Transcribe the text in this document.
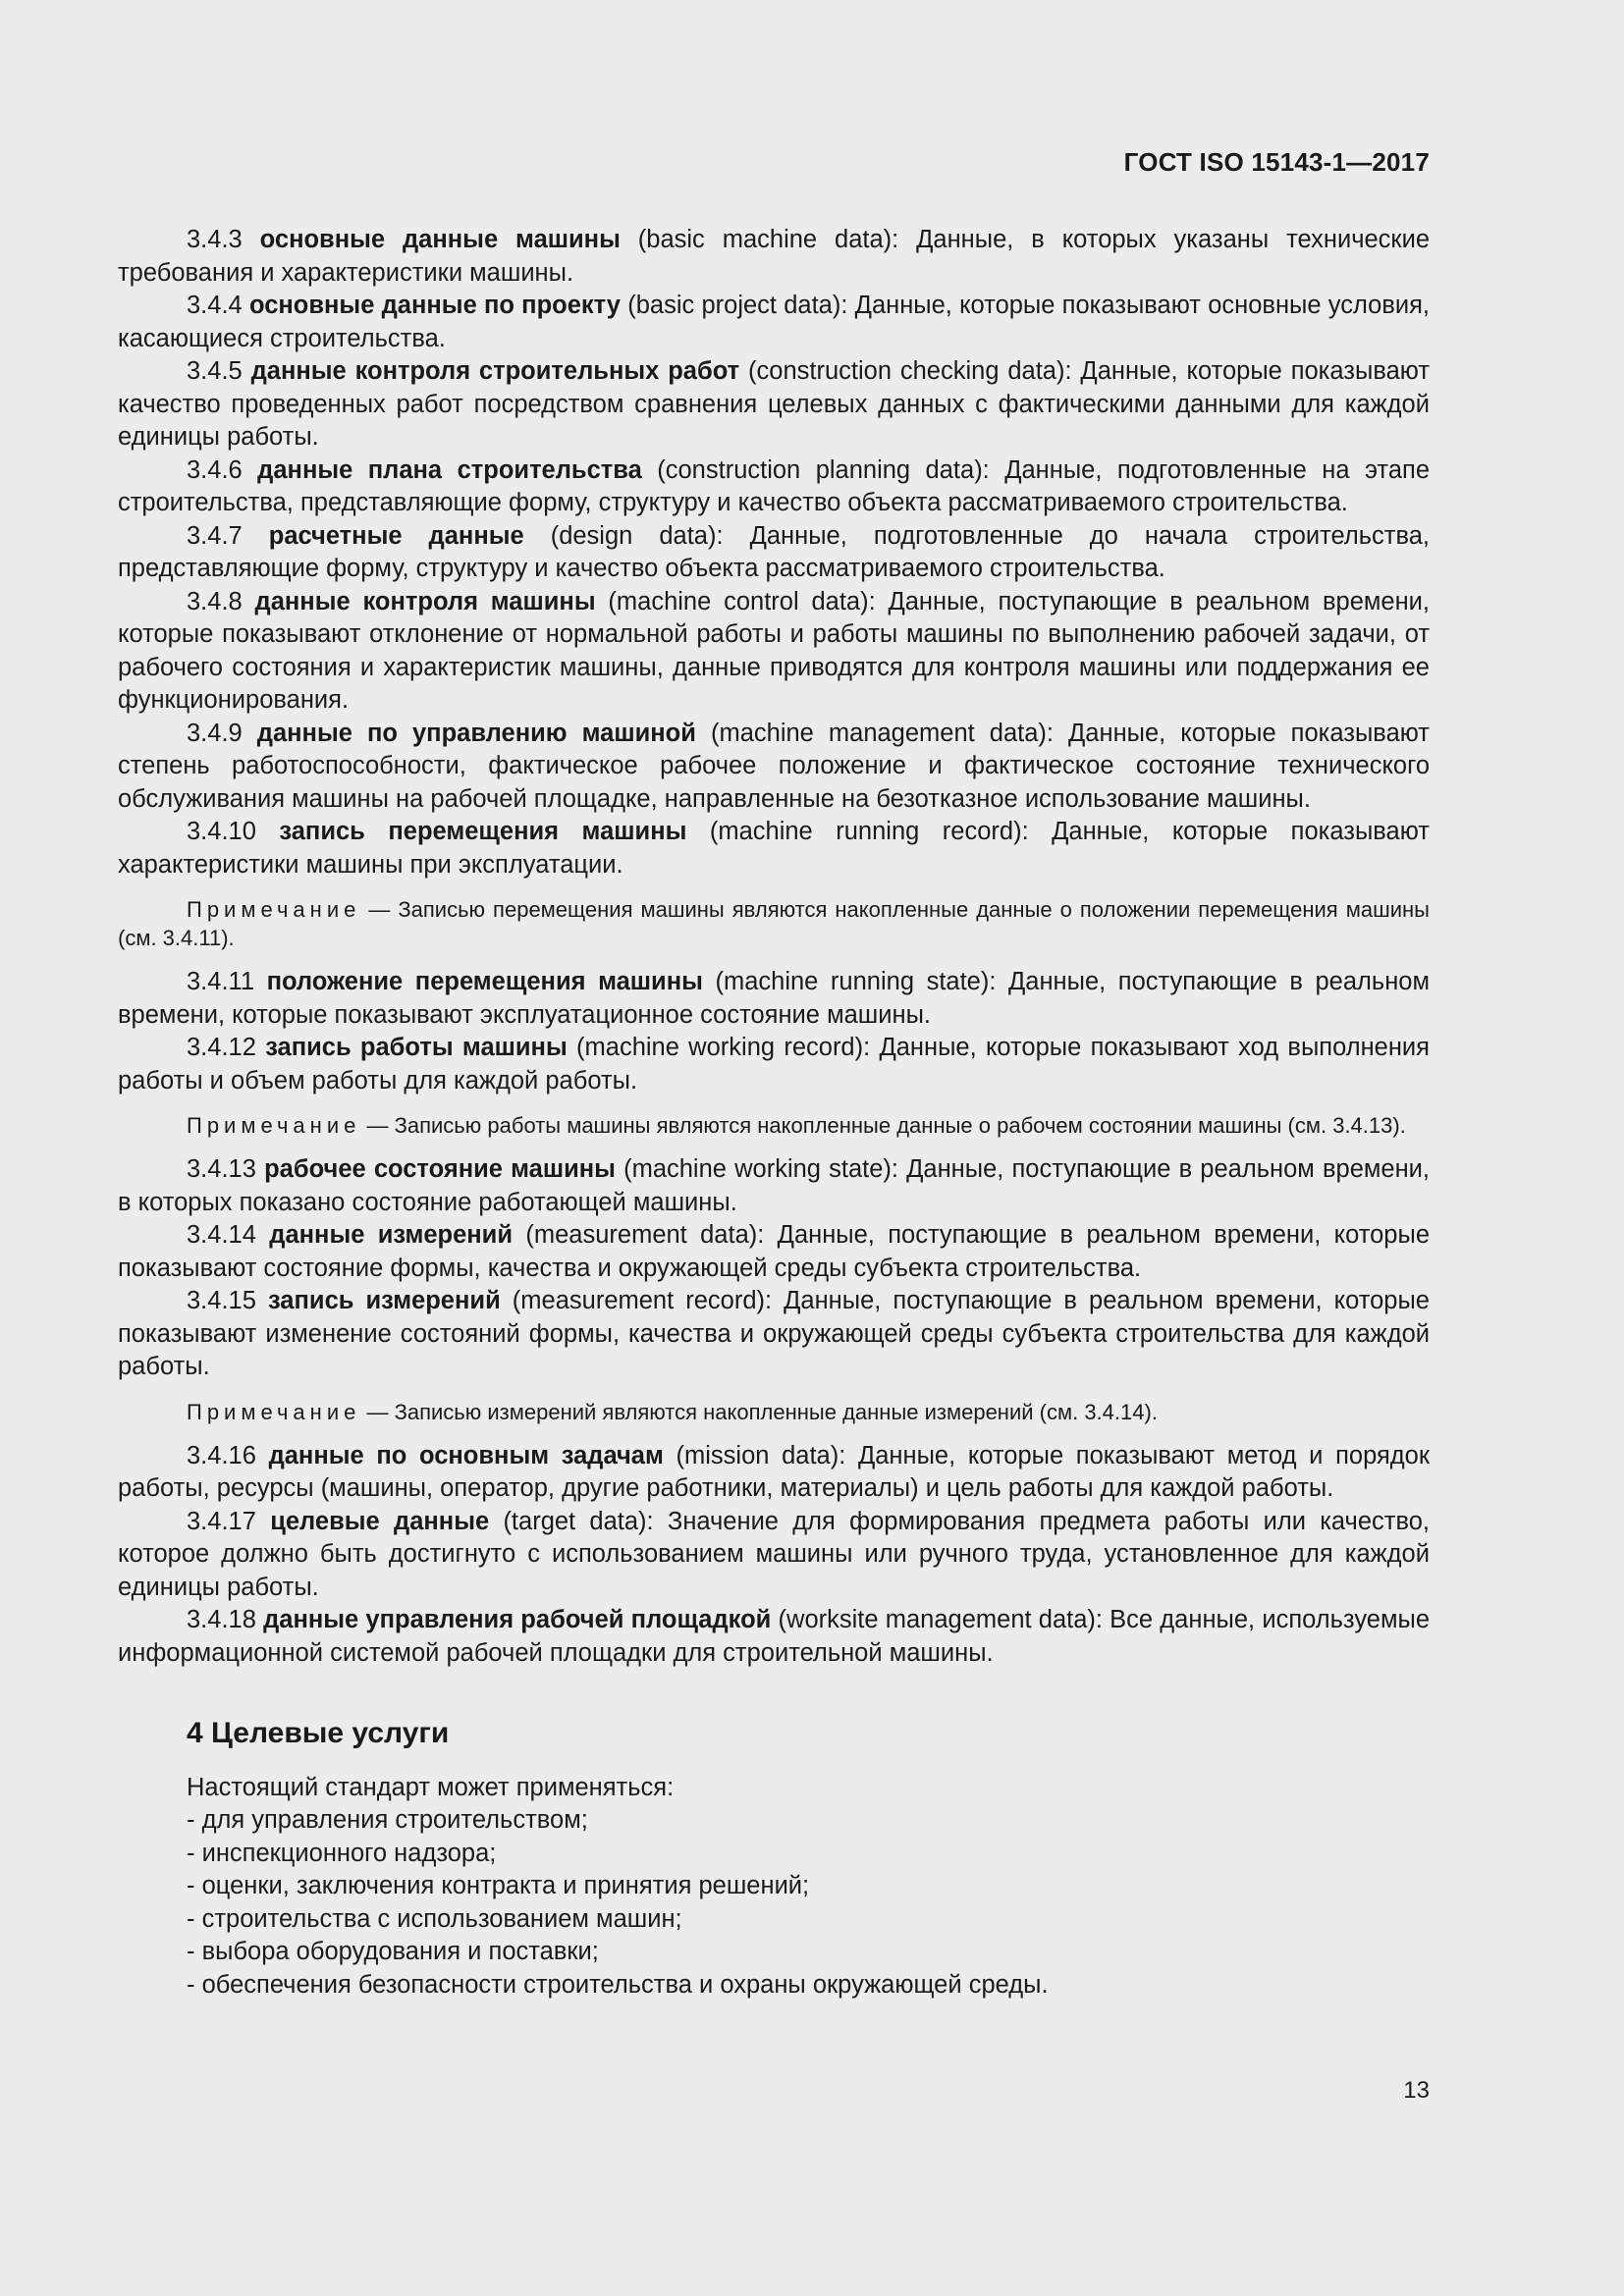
ГОСТ ISO 15143-1—2017

3.4.3 основные данные машины (basic machine data): Данные, в которых указаны технические требования и характеристики машины.

3.4.4 основные данные по проекту (basic project data): Данные, которые показывают основные условия, касающиеся строительства.

3.4.5 данные контроля строительных работ (construction checking data): Данные, которые показывают качество проведенных работ посредством сравнения целевых данных с фактическими данными для каждой единицы работы.

3.4.6 данные плана строительства (construction planning data): Данные, подготовленные на этапе строительства, представляющие форму, структуру и качество объекта рассматриваемого строительства.

3.4.7 расчетные данные (design data): Данные, подготовленные до начала строительства, представляющие форму, структуру и качество объекта рассматриваемого строительства.

3.4.8 данные контроля машины (machine control data): Данные, поступающие в реальном времени, которые показывают отклонение от нормальной работы и работы машины по выполнению рабочей задачи, от рабочего состояния и характеристик машины, данные приводятся для контроля машины или поддержания ее функционирования.

3.4.9 данные по управлению машиной (machine management data): Данные, которые показывают степень работоспособности, фактическое рабочее положение и фактическое состояние технического обслуживания машины на рабочей площадке, направленные на безотказное использование машины.

3.4.10 запись перемещения машины (machine running record): Данные, которые показывают характеристики машины при эксплуатации.

Примечание — Записью перемещения машины являются накопленные данные о положении перемещения машины (см. 3.4.11).

3.4.11 положение перемещения машины (machine running state): Данные, поступающие в реальном времени, которые показывают эксплуатационное состояние машины.

3.4.12 запись работы машины (machine working record): Данные, которые показывают ход выполнения работы и объем работы для каждой работы.

Примечание — Записью работы машины являются накопленные данные о рабочем состоянии машины (см. 3.4.13).

3.4.13 рабочее состояние машины (machine working state): Данные, поступающие в реальном времени, в которых показано состояние работающей машины.

3.4.14 данные измерений (measurement data): Данные, поступающие в реальном времени, которые показывают состояние формы, качества и окружающей среды субъекта строительства.

3.4.15 запись измерений (measurement record): Данные, поступающие в реальном времени, которые показывают изменение состояний формы, качества и окружающей среды субъекта строительства для каждой работы.

Примечание — Записью измерений являются накопленные данные измерений (см. 3.4.14).

3.4.16 данные по основным задачам (mission data): Данные, которые показывают метод и порядок работы, ресурсы (машины, оператор, другие работники, материалы) и цель работы для каждой работы.

3.4.17 целевые данные (target data): Значение для формирования предмета работы или качество, которое должно быть достигнуто с использованием машины или ручного труда, установленное для каждой единицы работы.

3.4.18 данные управления рабочей площадкой (worksite management data): Все данные, используемые информационной системой рабочей площадки для строительной машины.

4 Целевые услуги
Настоящий стандарт может применяться:
- для управления строительством;
- инспекционного надзора;
- оценки, заключения контракта и принятия решений;
- строительства с использованием машин;
- выбора оборудования и поставки;
- обеспечения безопасности строительства и охраны окружающей среды.
13
